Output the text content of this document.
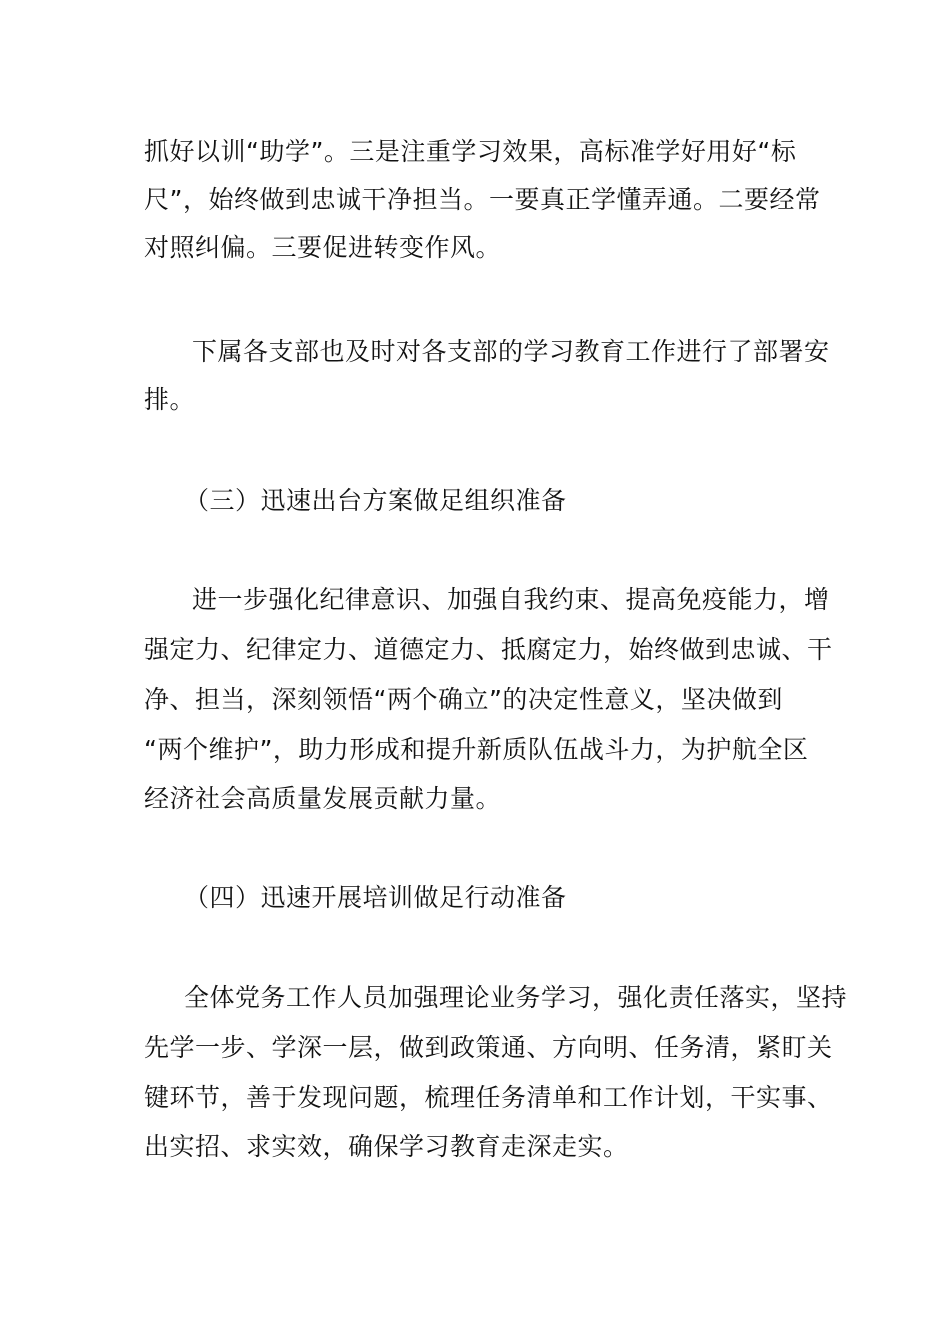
抓好以训“助学”。三是注重学习效果，高标准学好用好“标
尺”，始终做到忠诚干净担当。一要真正学懂弄通。二要经常
对照纠偏。三要促进转变作风。
下属各支部也及时对各支部的学习教育工作进行了部署安
排。
（三）迅速出台方案做足组织准备
进一步强化纪律意识、加强自我约束、提高免疫能力，增
强定力、纪律定力、道德定力、抵腐定力，始终做到忠诚、干
净、担当，深刻领悟“两个确立”的决定性意义，坚决做到
“两个维护”，助力形成和提升新质队伍战斗力，为护航全区
经济社会高质量发展贡献力量。
（四）迅速开展培训做足行动准备
全体党务工作人员加强理论业务学习，强化责任落实，坚持
先学一步、学深一层，做到政策通、方向明、任务清，紧盯关
键环节，善于发现问题，梳理任务清单和工作计划，干实事、
出实招、求实效，确保学习教育走深走实。
